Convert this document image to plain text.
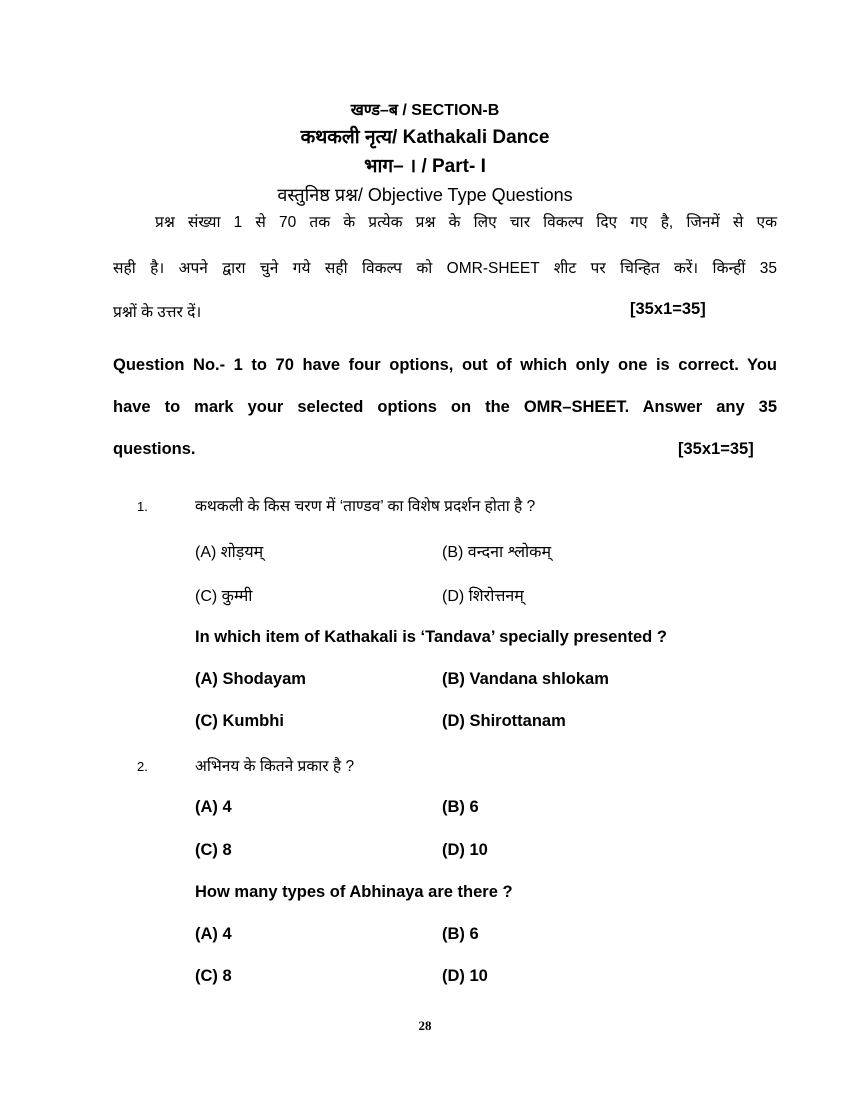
खण्ड–ब / SECTION-B
कथकली नृत्य/ Kathakali Dance
भाग– । / Part- I
वस्तुनिष्ठ प्रश्न/ Objective Type Questions
प्रश्न संख्या 1 से 70 तक के प्रत्येक प्रश्न के लिए चार विकल्प दिए गए है, जिनमें से एक
सही है। अपने द्वारा चुने गये सही विकल्प को OMR-SHEET शीट पर चिन्हित करें। किन्हीं 35
प्रश्नों के उत्तर दें।	[35x1=35]
Question No.- 1 to 70 have four options, out of which only one is correct. You
have to mark your selected options on the OMR–SHEET. Answer any 35
questions.	[35x1=35]
1.	कथकली के किस चरण में ‘ताण्डव’ का विशेष प्रदर्शन होता है ?
(A) शोड़यम्	(B) वन्दना श्लोकम्
(C) कुम्मी	(D) शिरोत्तनम्
In which item of Kathakali is ‘Tandava’ specially presented ?
(A) Shodayam	(B) Vandana shlokam
(C) Kumbhi	(D) Shirottanam
2.	अभिनय के कितने प्रकार है ?
(A) 4	(B) 6
(C) 8	(D) 10
How many types of Abhinaya are there ?
(A) 4	(B) 6
(C) 8	(D) 10
28
